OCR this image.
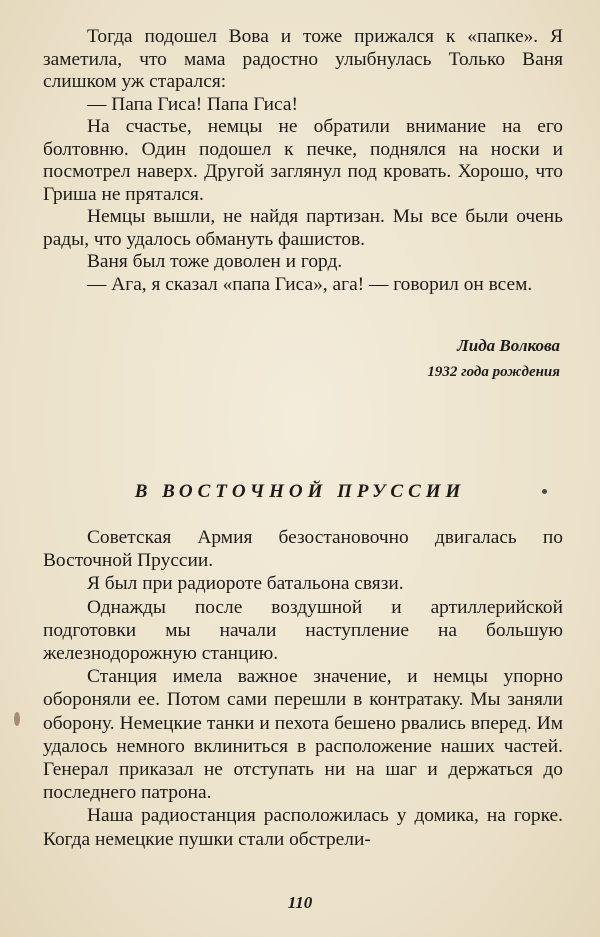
Тогда подошел Вова и тоже прижался к «папке». Я заметила, что мама радостно улыбнулась Только Ваня слишком уж старался:

— Папа Гиса! Папа Гиса!

На счастье, немцы не обратили внимание на его болтовню. Один подошел к печке, поднялся на носки и посмотрел наверх. Другой заглянул под кровать. Хорошо, что Гриша не прятался.

Немцы вышли, не найдя партизан. Мы все были очень рады, что удалось обмануть фашистов.

Ваня был тоже доволен и горд.

— Ага, я сказал «папа Гиса», ага! — говорил он всем.

Лида Волкова
1932 года рождения
В ВОСТОЧНОЙ ПРУССИИ

Советская Армия безостановочно двигалась по Восточной Пруссии.

Я был при радиороте батальона связи.

Однажды после воздушной и артиллерийской подготовки мы начали наступление на большую железнодорожную станцию.

Станция имела важное значение, и немцы упорно обороняли ее. Потом сами перешли в контратаку. Мы заняли оборону. Немецкие танки и пехота бешено рвались вперед. Им удалось немного вклиниться в расположение наших частей. Генерал приказал не отступать ни на шаг и держаться до последнего патрона.

Наша радиостанция расположилась у домика, на горке. Когда немецкие пушки стали обстрели-

110
